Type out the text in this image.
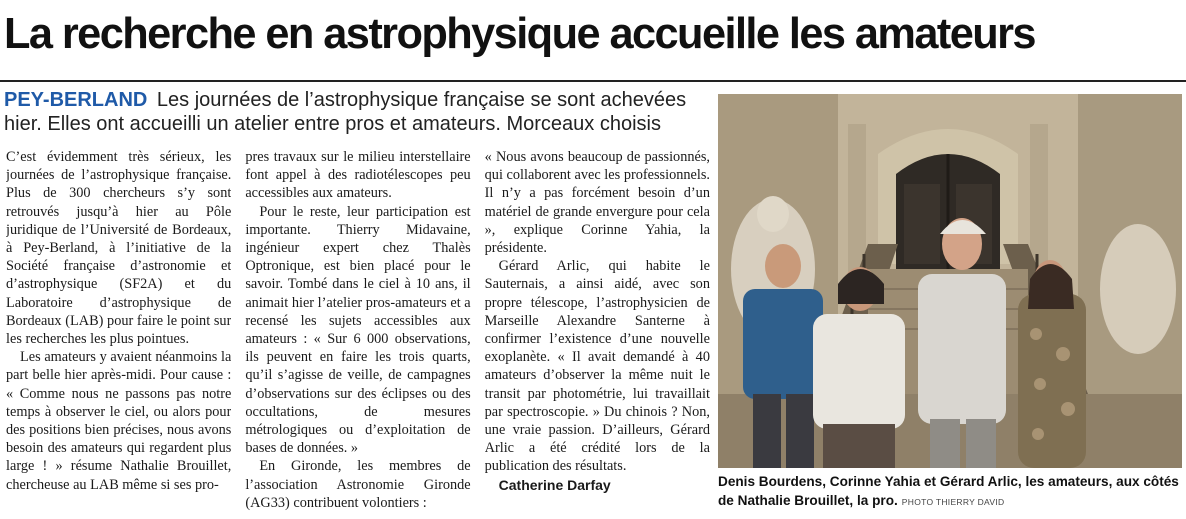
La recherche en astrophysique accueille les amateurs
PEY-BERLAND Les journées de l’astrophysique française se sont achevées hier. Elles ont accueilli un atelier entre pros et amateurs. Morceaux choisis

C’est évidemment très sérieux, les journées de l’astrophysique française. Plus de 300 chercheurs s’y sont retrouvés jusqu’à hier au Pôle juridique de l’Université de Bordeaux, à Pey-Berland, à l’initiative de la Société française d’astronomie et d’astrophysique (SF2A) et du Laboratoire d’astrophysique de Bordeaux (LAB) pour faire le point sur les recherches les plus pointues.

Les amateurs y avaient néanmoins la part belle hier après-midi. Pour cause : « Comme nous ne passons pas notre temps à observer le ciel, ou alors pour des positions bien précises, nous avons besoin des amateurs qui regardent plus large ! » résume Nathalie Brouillet, chercheuse au LAB même si ses pro-

pres travaux sur le milieu interstellaire font appel à des radiotélescopes peu accessibles aux amateurs.

Pour le reste, leur participation est importante. Thierry Midavaine, ingénieur expert chez Thalès Optronique, est bien placé pour le savoir. Tombé dans le ciel à 10 ans, il animait hier l’atelier pros-amateurs et a recensé les sujets accessibles aux amateurs : « Sur 6 000 observations, ils peuvent en faire les trois quarts, qu’il s’agisse de veille, de campagnes d’observations sur des éclipses ou des occultations, de mesures métrologiques ou d’exploitation de bases de données. »

En Gironde, les membres de l’association Astronomie Gironde (AG33) contribuent volontiers :

« Nous avons beaucoup de passionnés, qui collaborent avec les professionnels. Il n’y a pas forcément besoin d’un matériel de grande envergure pour cela », explique Corinne Yahia, la présidente.

Gérard Arlic, qui habite le Sauternais, a ainsi aidé, avec son propre télescope, l’astrophysicien de Marseille Alexandre Santerne à confirmer l’existence d’une nouvelle exoplanète. « Il avait demandé à 40 amateurs d’observer la même nuit le transit par photométrie, lui travaillait par spectroscopie. » Du chinois ? Non, une vraie passion. D’ailleurs, Gérard Arlic a été crédité lors de la publication des résultats.

Catherine Darfay	Denis Bourdens, Corinne Yahia et Gérard Arlic, les amateurs, aux côtés de Nathalie Brouillet, la pro. PHOTO THIERRY DAVID
